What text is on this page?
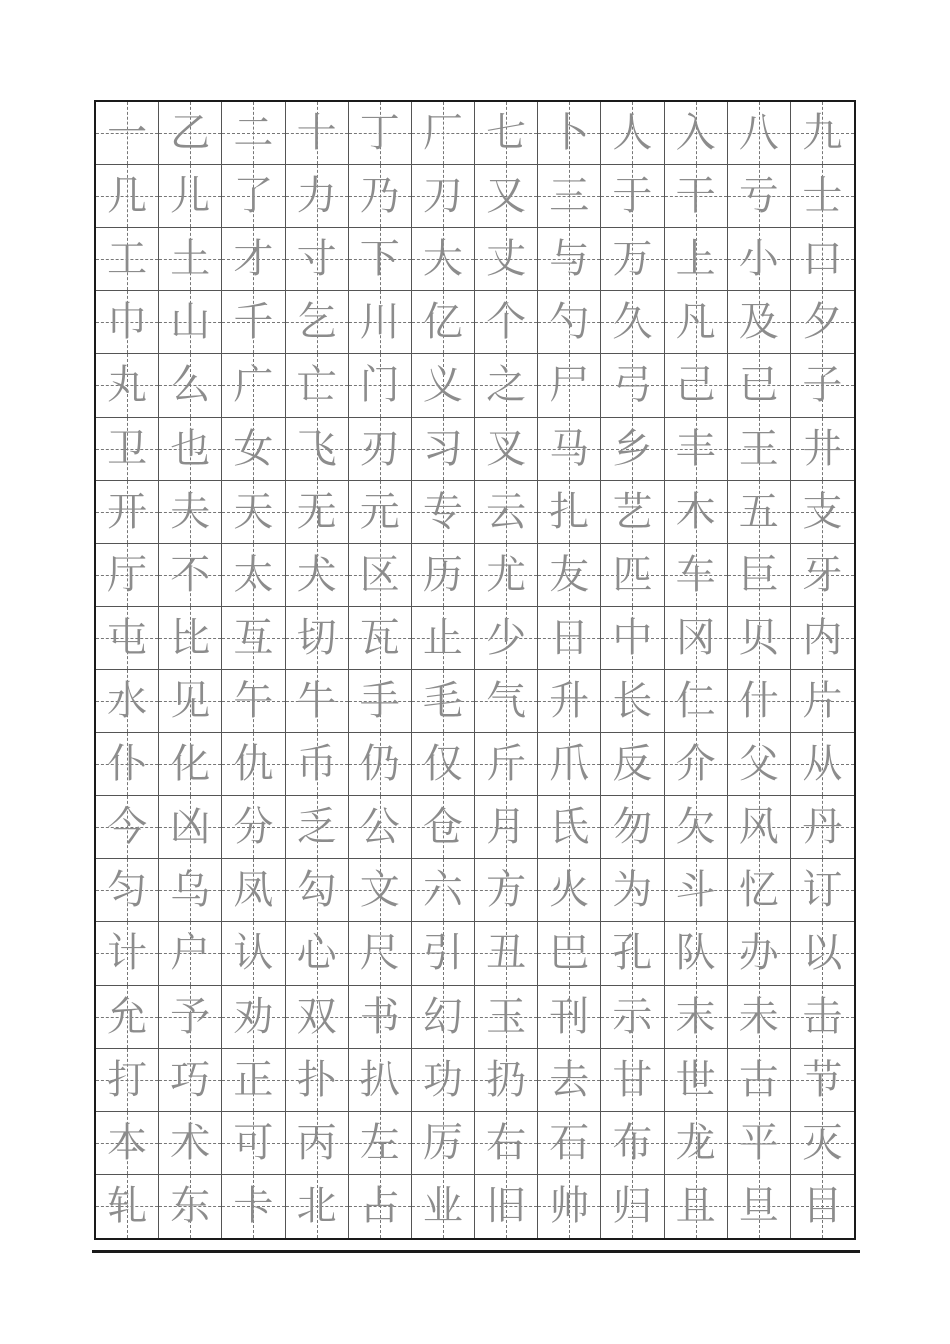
一 乙 二 十 丁 厂 七 卜 人 入 八 九
几 儿 了 力 乃 刀 又 三 于 干 亏 士
工 土 才 寸 下 大 丈 与 万 上 小 口
巾 山 千 乞 川 亿 个 勺 久 凡 及 夕
丸 么 广 亡 门 义 之 尸 弓 己 已 子
卫 也 女 飞 刃 习 叉 马 乡 丰 王 井
开 夫 天 无 元 专 云 扎 艺 木 五 支
厅 不 太 犬 区 历 尤 友 匹 车 巨 牙
屯 比 互 切 瓦 止 少 日 中 冈 贝 内
水 见 午 牛 手 毛 气 升 长 仁 什 片
仆 化 仇 币 仍 仅 斤 爪 反 介 父 从
今 凶 分 乏 公 仓 月 氏 勿 欠 风 丹
匀 乌 凤 勾 文 六 方 火 为 斗 忆 订
计 户 认 心 尺 引 丑 巴 孔 队 办 以
允 予 劝 双 书 幻 玉 刊 示 末 未 击
打 巧 正 扑 扒 功 扔 去 甘 世 古 节
本 术 可 丙 左 厉 右 石 布 龙 平 灭
轧 东 卡 北 占 业 旧 帅 归 且 旦 目
